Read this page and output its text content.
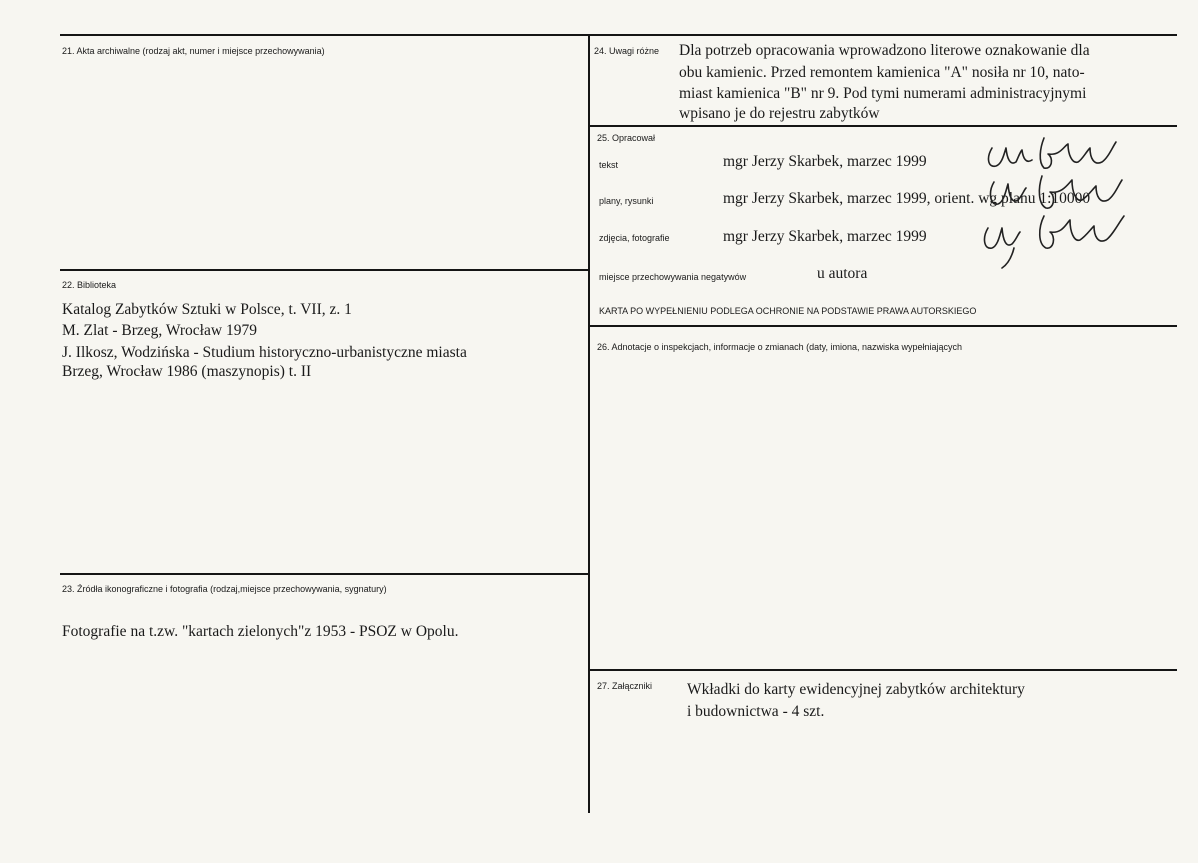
21. Akta archiwalne (rodzaj akt, numer i miejsce przechowywania)
22. Biblioteka
Katalog Zabytków Sztuki w Polsce, t. VII, z. 1
M. Zlat - Brzeg, Wrocław 1979
J. Ilkosz, Wodzińska - Studium historyczno-urbanistyczne miasta
Brzeg, Wrocław 1986 (maszynopis) t. II
23. Źródła ikonograficzne i fotografia (rodzaj,miejsce przechowywania, sygnatury)
Fotografie na t.zw. "kartach zielonych"z 1953 - PSOZ w Opolu.
24. Uwagi różne Dla potrzeb opracowania wprowadzono literowe oznakowanie dla
obu kamienic. Przed remontem kamienica "A" nosiła nr 10, nato-
miast kamienica "B" nr 9. Pod tymi numerami administracyjnymi
wpisano je do rejestru zabytków
25. Opracował
tekst	mgr Jerzy Skarbek, marzec 1999
plany, rysunki	mgr Jerzy Skarbek, marzec 1999, orient. wg planu 1:10000
zdjęcia, fotografie	mgr Jerzy Skarbek, marzec 1999
miejsce przechowywania negatywów	u autora
KARTA PO WYPEŁNIENIU PODLEGA OCHRONIE NA PODSTAWIE PRAWA AUTORSKIEGO
26. Adnotacje o inspekcjach, informacje o zmianach (daty, imiona, nazwiska wypełniających
27. Załączniki Wkładki do karty ewidencyjnej zabytków architektury
i budownictwa - 4 szt.
